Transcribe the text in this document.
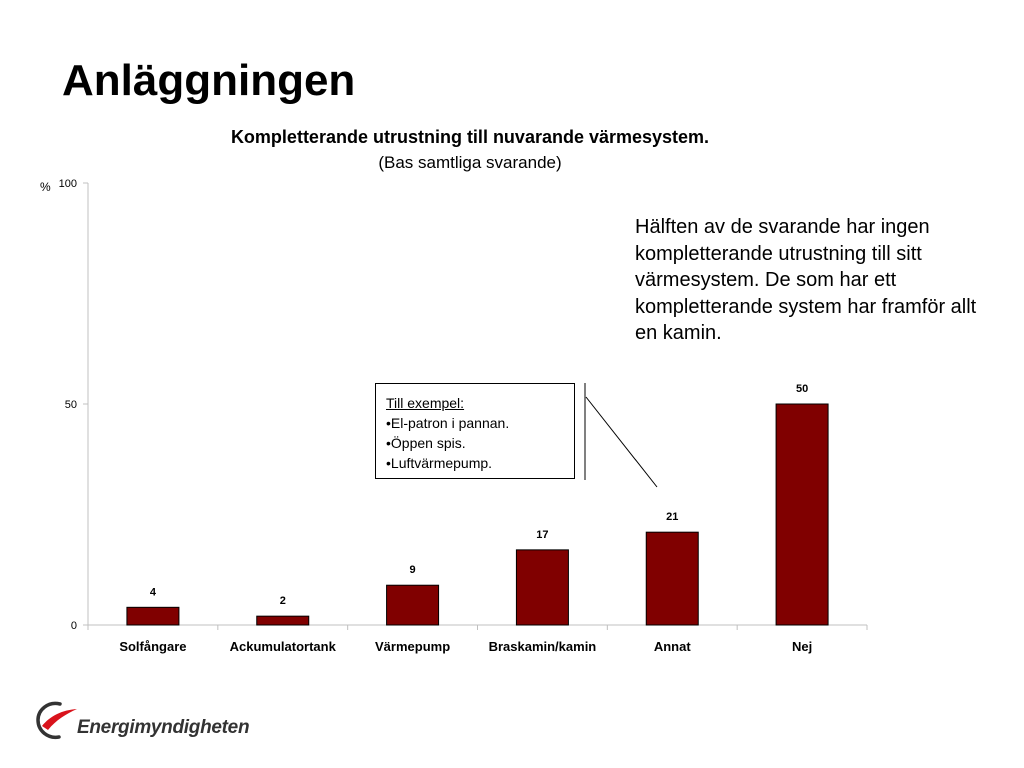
Anläggningen
Kompletterande utrustning till nuvarande värmesystem.
(Bas samtliga svarande)
0
50
100
%
4
Solfångare
2
Ackumulatortank
9
Värmepump
17
Braskamin/kamin
21
Annat
50
Nej
Hälften av de svarande har ingen kompletterande utrustning till sitt värmesystem. De som har ett kompletterande system har framför allt en kamin.
Till exempel:
•El-patron i pannan.
•Öppen spis.
•Luftvärmepump.
Energimyndigheten
